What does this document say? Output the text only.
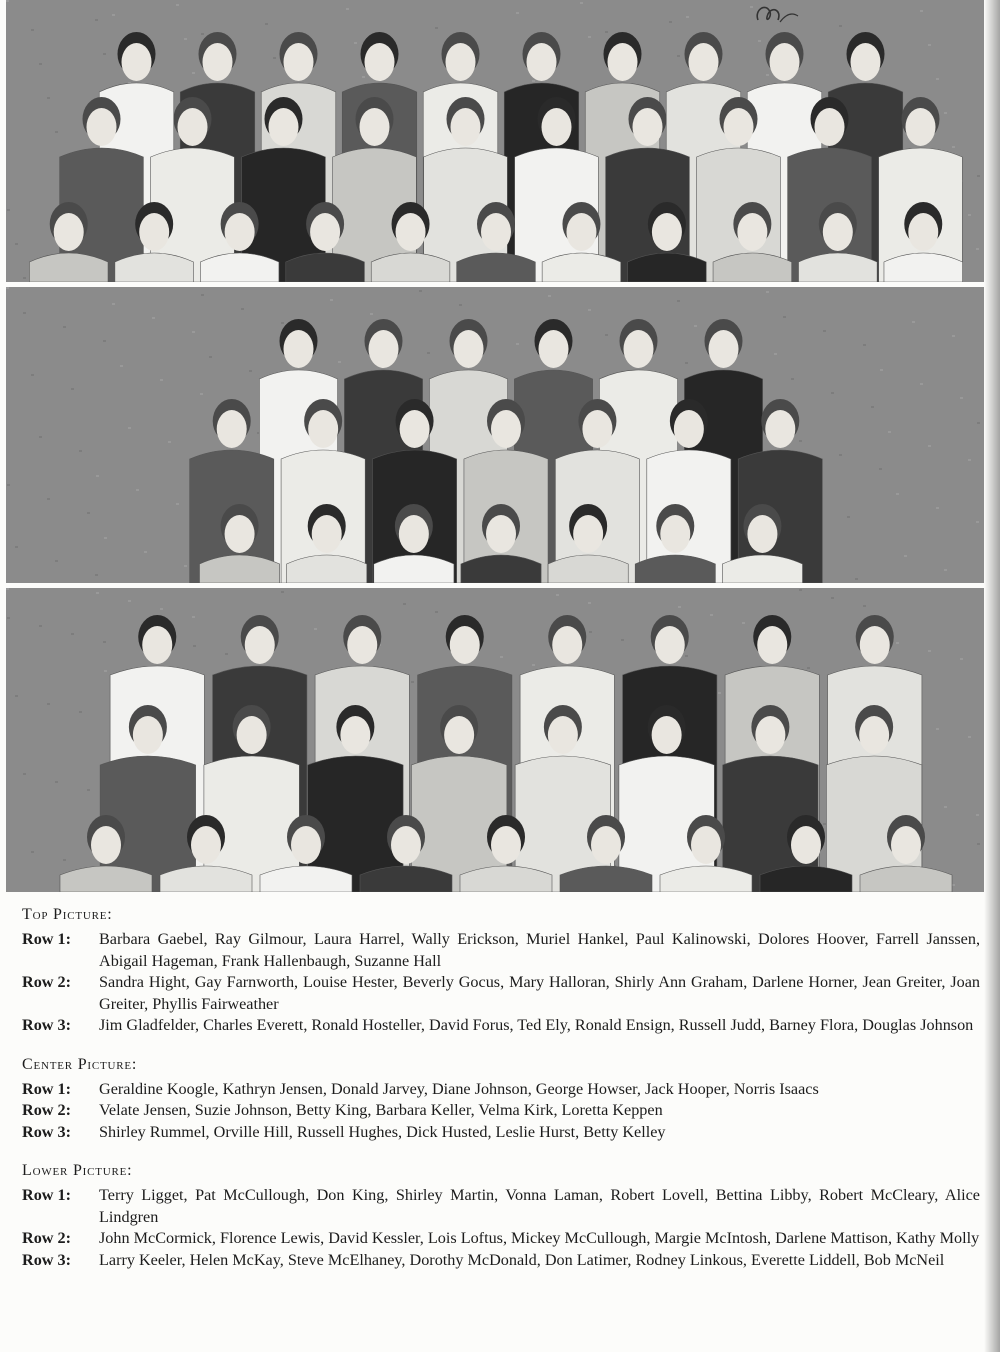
Top Picture:
Row 1:	Barbara Gaebel, Ray Gilmour, Laura Harrel, Wally Erickson, Muriel Hankel, Paul Kalinowski, Dolores Hoover, Farrell Janssen, Abigail Hageman, Frank Hallenbaugh, Suzanne Hall
Row 2:	Sandra Hight, Gay Farnworth, Louise Hester, Beverly Gocus, Mary Halloran, Shirly Ann Graham, Darlene Horner, Jean Greiter, Joan Greiter, Phyllis Fairweather
Row 3:	Jim Gladfelder, Charles Everett, Ronald Hosteller, David Forus, Ted Ely, Ronald Ensign, Russell Judd, Barney Flora, Douglas Johnson
Center Picture:
Row 1:	Geraldine Koogle, Kathryn Jensen, Donald Jarvey, Diane Johnson, George Howser, Jack Hooper, Norris Isaacs
Row 2:	Velate Jensen, Suzie Johnson, Betty King, Barbara Keller, Velma Kirk, Loretta Keppen
Row 3:	Shirley Rummel, Orville Hill, Russell Hughes, Dick Husted, Leslie Hurst, Betty Kelley
Lower Picture:
Row 1:	Terry Ligget, Pat McCullough, Don King, Shirley Martin, Vonna Laman, Robert Lovell, Bettina Libby, Robert McCleary, Alice Lindgren
Row 2:	John McCormick, Florence Lewis, David Kessler, Lois Loftus, Mickey McCullough, Margie McIntosh, Darlene Mattison, Kathy Molly
Row 3:	Larry Keeler, Helen McKay, Steve McElhaney, Dorothy McDonald, Don Latimer, Rodney Linkous, Everette Liddell, Bob McNeil
